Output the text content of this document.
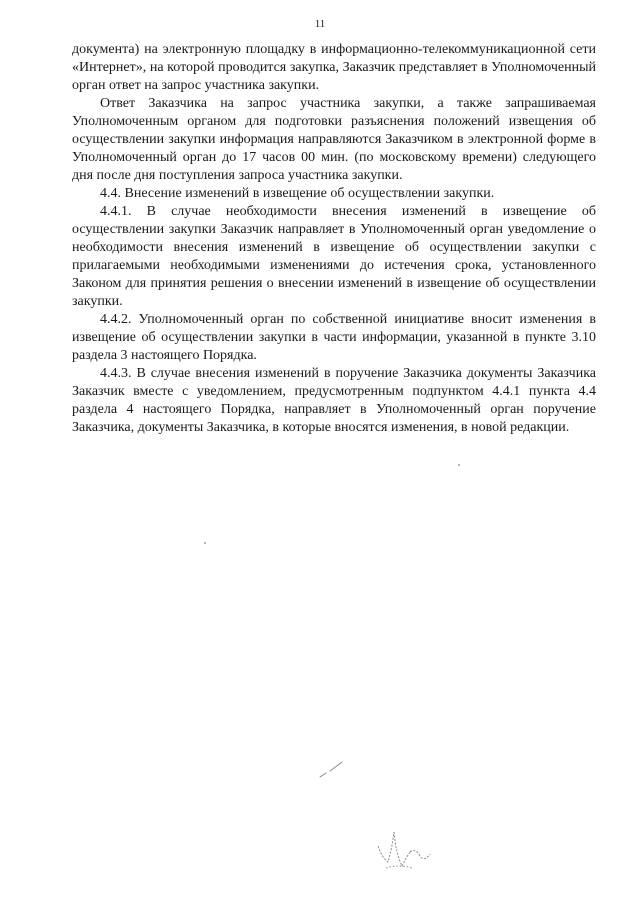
11

документа) на электронную площадку в информационно-телекоммуникационной сети «Интернет», на которой проводится закупка, Заказчик представляет в Уполномоченный орган ответ на запрос участника закупки.

Ответ Заказчика на запрос участника закупки, а также запрашиваемая Уполномоченным органом для подготовки разъяснения положений извещения об осуществлении закупки информация направляются Заказчиком в электронной форме в Уполномоченный орган до 17 часов 00 мин. (по московскому времени) следующего дня после дня поступления запроса участника закупки.

4.4. Внесение изменений в извещение об осуществлении закупки.

4.4.1. В случае необходимости внесения изменений в извещение об осуществлении закупки Заказчик направляет в Уполномоченный орган уведомление о необходимости внесения изменений в извещение об осуществлении закупки с прилагаемыми необходимыми изменениями до истечения срока, установленного Законом для принятия решения о внесении изменений в извещение об осуществлении закупки.

4.4.2. Уполномоченный орган по собственной инициативе вносит изменения в извещение об осуществлении закупки в части информации, указанной в пункте 3.10 раздела 3 настоящего Порядка.

4.4.3. В случае внесения изменений в поручение Заказчика документы Заказчика Заказчик вместе с уведомлением, предусмотренным подпунктом 4.4.1 пункта 4.4 раздела 4 настоящего Порядка, направляет в Уполномоченный орган поручение Заказчика, документы Заказчика, в которые вносятся изменения, в новой редакции.
